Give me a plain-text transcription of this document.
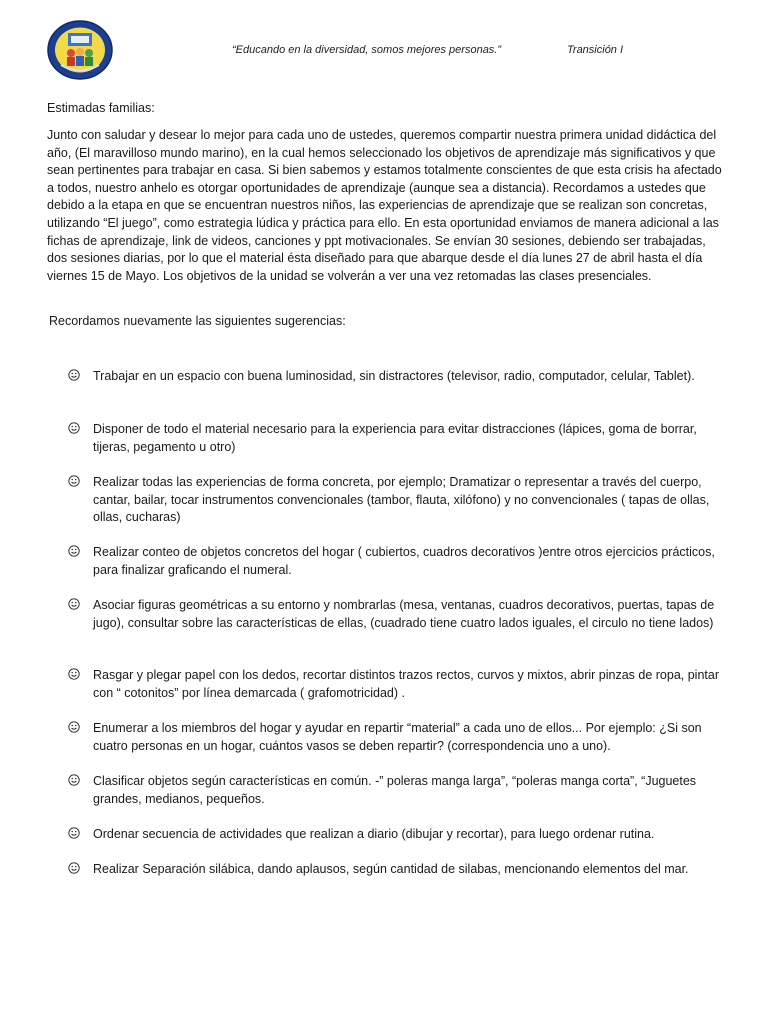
“Educando en la diversidad, somos mejores personas.”	Transición I
Estimadas familias:
Junto con saludar y desear lo mejor para cada uno de ustedes, queremos compartir nuestra primera unidad didáctica del año, (El maravilloso mundo marino), en la cual hemos seleccionado los objetivos de aprendizaje más significativos y que sean pertinentes para trabajar en casa. Si bien sabemos y estamos totalmente conscientes de que esta crisis ha afectado a todos, nuestro anhelo es otorgar oportunidades de aprendizaje (aunque sea a distancia). Recordamos a ustedes que debido a la etapa en que se encuentran nuestros niños, las experiencias de aprendizaje que se realizan son concretas, utilizando “El juego”, como estrategia lúdica y práctica para ello. En esta oportunidad enviamos de manera adicional a las fichas de aprendizaje, link de videos, canciones y ppt motivacionales. Se envían 30 sesiones, debiendo ser trabajadas, dos sesiones diarias, por lo que el material ésta diseñado para que abarque desde el día lunes 27 de abril hasta el día viernes 15 de Mayo. Los objetivos de la unidad se volverán a ver una vez retomadas las clases presenciales.
Recordamos nuevamente las siguientes sugerencias:
Trabajar en un espacio con buena luminosidad, sin distractores (televisor, radio, computador, celular, Tablet).
Disponer de todo el material necesario para la experiencia para evitar distracciones (lápices, goma de borrar, tijeras, pegamento u otro)
Realizar todas las experiencias de forma concreta, por ejemplo; Dramatizar o representar a través del cuerpo, cantar, bailar, tocar instrumentos convencionales (tambor, flauta, xilófono) y no convencionales ( tapas de ollas, ollas, cucharas)
Realizar conteo de objetos concretos del hogar ( cubiertos, cuadros decorativos )entre otros ejercicios prácticos, para finalizar graficando el numeral.
Asociar figuras geométricas a su entorno y nombrarlas (mesa, ventanas, cuadros decorativos, puertas, tapas de jugo), consultar sobre las características de ellas, (cuadrado tiene cuatro lados iguales, el circulo no tiene lados)
Rasgar y plegar papel con los dedos, recortar distintos trazos rectos, curvos y mixtos, abrir pinzas de ropa, pintar con “ cotonitos” por línea demarcada ( grafomotricidad) .
Enumerar a los miembros del hogar y ayudar en repartir “material” a cada uno de ellos... Por ejemplo: ¿Si son cuatro personas en un hogar, cuántos vasos se deben repartir? (correspondencia uno a uno).
Clasificar objetos según características en común. -” poleras manga larga”, “poleras manga corta”, “Juguetes grandes, medianos, pequeños.
Ordenar secuencia de actividades que realizan a diario (dibujar y recortar), para luego ordenar rutina.
Realizar Separación silábica, dando aplausos, según cantidad de silabas, mencionando elementos del mar.
